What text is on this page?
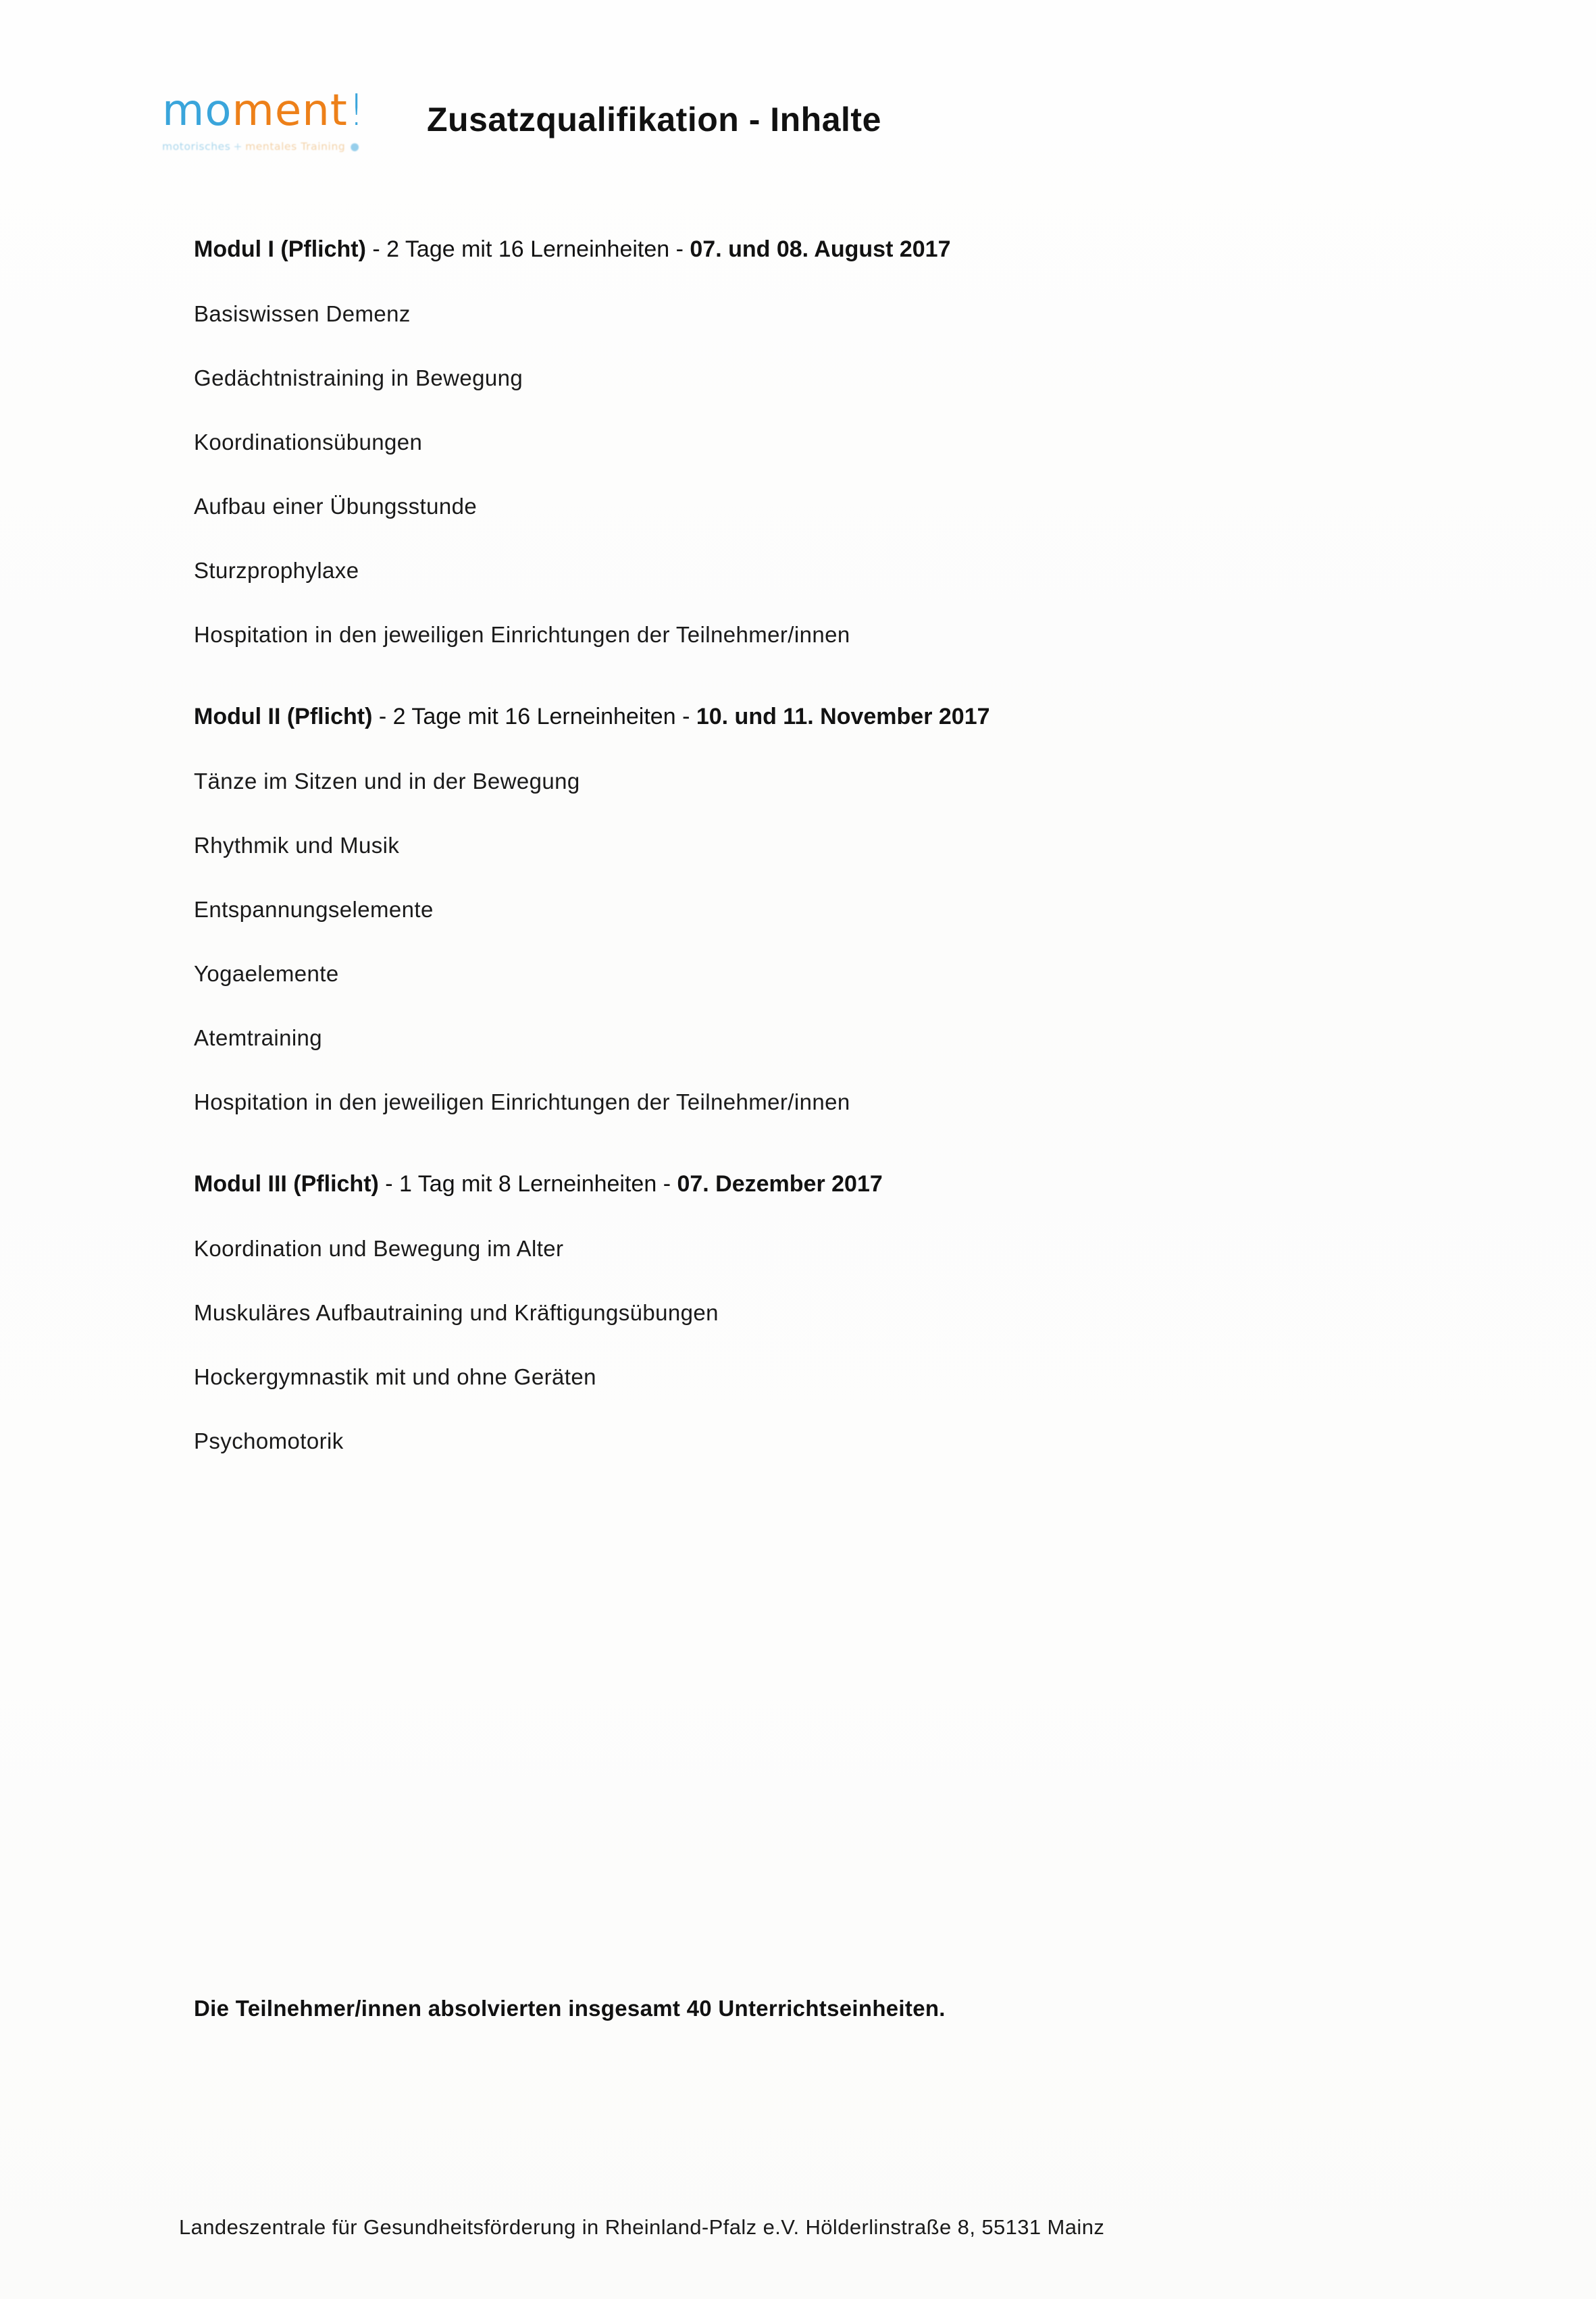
moment!
motorisches + mentales Training ●
Zusatzqualifikation - Inhalte
Modul I (Pflicht) - 2 Tage mit 16 Lerneinheiten - 07. und 08. August 2017
Basiswissen Demenz
Gedächtnistraining in Bewegung
Koordinationsübungen
Aufbau einer Übungsstunde
Sturzprophylaxe
Hospitation in den jeweiligen Einrichtungen der Teilnehmer/innen
Modul II (Pflicht) - 2 Tage mit 16 Lerneinheiten - 10. und 11. November 2017
Tänze im Sitzen und in der Bewegung
Rhythmik und Musik
Entspannungselemente
Yogaelemente
Atemtraining
Hospitation in den jeweiligen Einrichtungen der Teilnehmer/innen
Modul III (Pflicht) - 1 Tag mit 8 Lerneinheiten - 07. Dezember 2017
Koordination und Bewegung im Alter
Muskuläres Aufbautraining und Kräftigungsübungen
Hockergymnastik mit und ohne Geräten
Psychomotorik
Die Teilnehmer/innen absolvierten insgesamt 40 Unterrichtseinheiten.
Landeszentrale für Gesundheitsförderung in Rheinland-Pfalz e.V. Hölderlinstraße 8, 55131 Mainz
